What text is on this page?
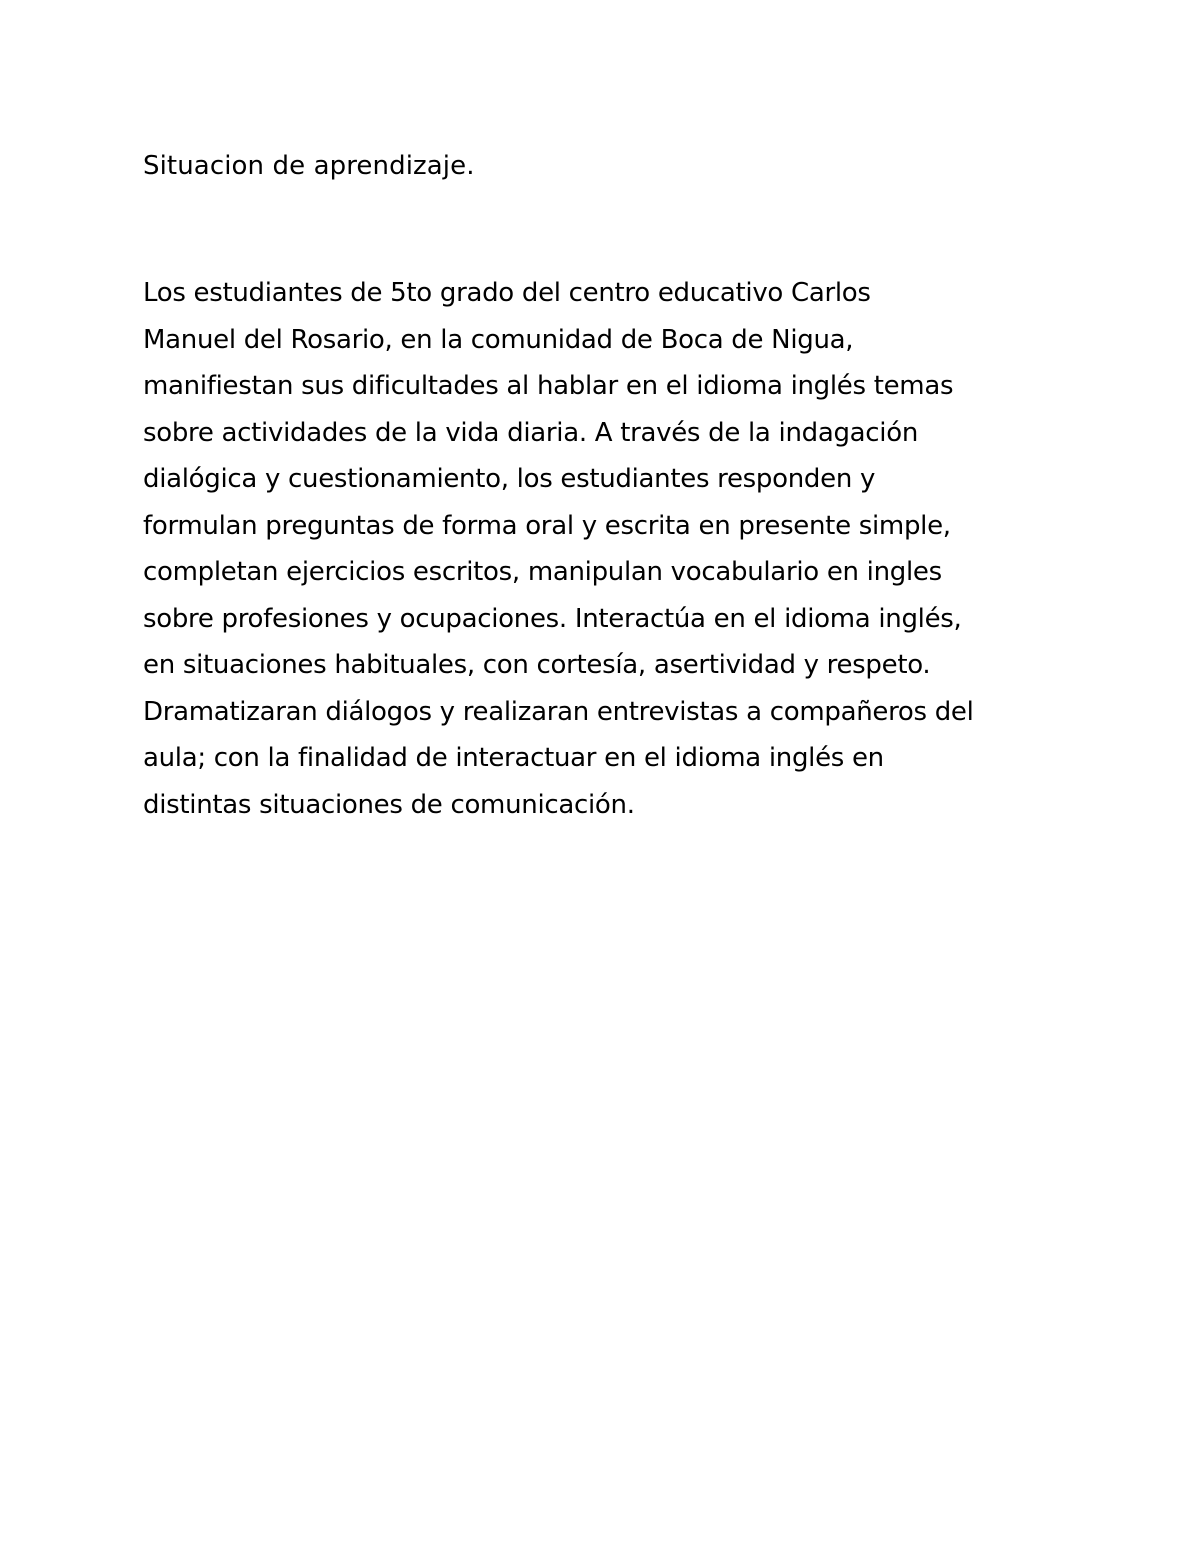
Situacion de aprendizaje.
Los estudiantes de 5to grado del centro educativo Carlos
Manuel del Rosario, en la comunidad de Boca de Nigua,
manifiestan sus dificultades al hablar en el idioma inglés temas
sobre actividades de la vida diaria. A través de la indagación
dialógica y cuestionamiento, los estudiantes responden y
formulan preguntas de forma oral y escrita en presente simple,
completan ejercicios escritos, manipulan vocabulario en ingles
sobre profesiones y ocupaciones. Interactúa en el idioma inglés,
en situaciones habituales, con cortesía, asertividad y respeto.
Dramatizaran diálogos y realizaran entrevistas a compañeros del
aula; con la finalidad de interactuar en el idioma inglés en
distintas situaciones de comunicación.
